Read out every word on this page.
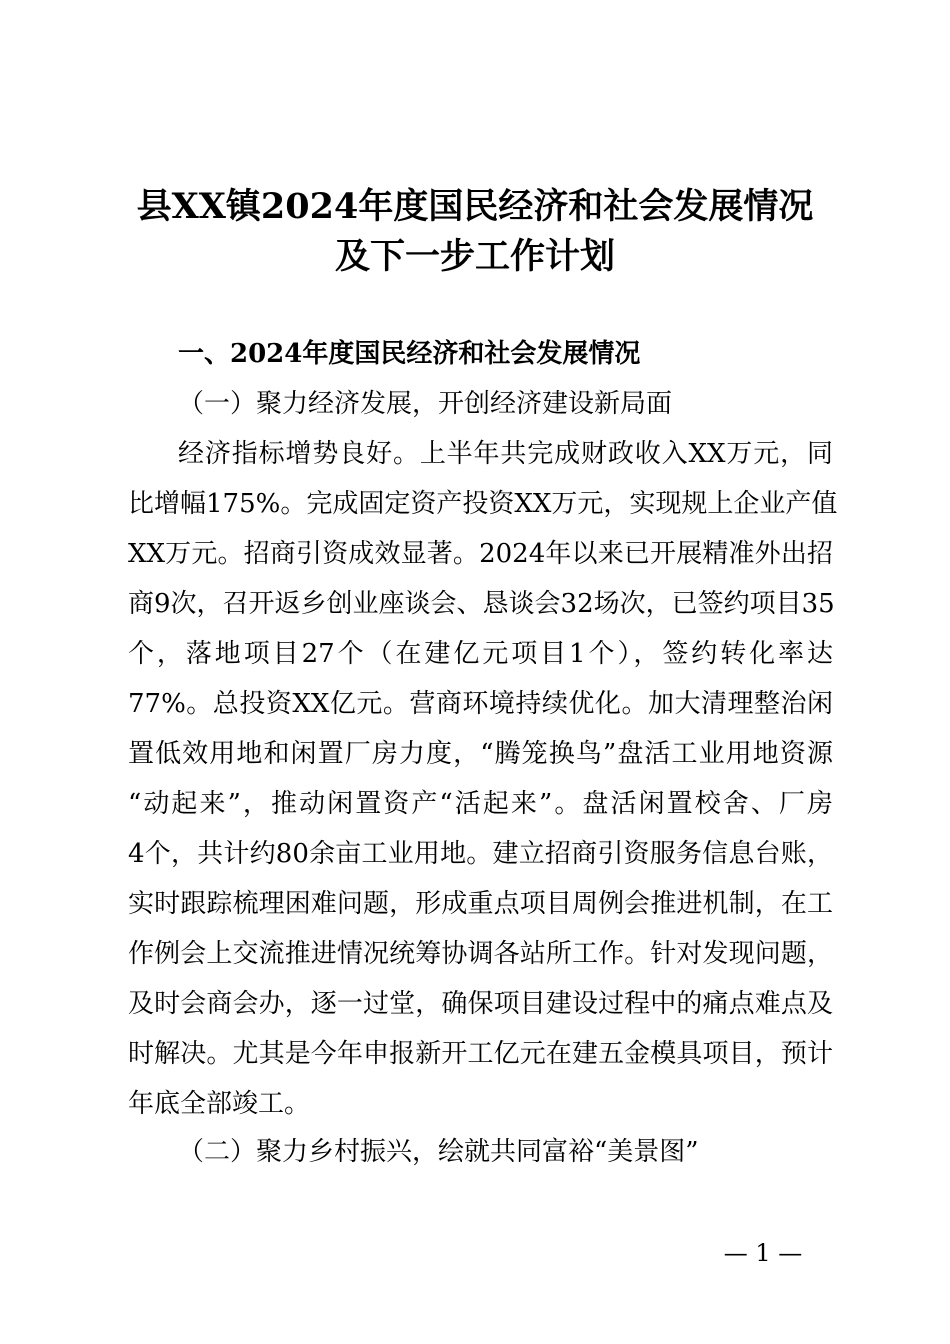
县XX镇2024年度国民经济和社会发展情况
及下一步工作计划
一、2024年度国民经济和社会发展情况
（一）聚力经济发展，开创经济建设新局面
经济指标增势良好。上半年共完成财政收入XX万元，同
比增幅175%。完成固定资产投资XX万元，实现规上企业产值
XX万元。招商引资成效显著。2024年以来已开展精准外出招
商9次，召开返乡创业座谈会、恳谈会32场次，已签约项目35
个，落地项目27个（在建亿元项目1个），签约转化率达
77%。总投资XX亿元。营商环境持续优化。加大清理整治闲
置低效用地和闲置厂房力度，“腾笼换鸟”盘活工业用地资源
“动起来”，推动闲置资产“活起来”。盘活闲置校舍、厂房
4个，共计约80余亩工业用地。建立招商引资服务信息台账，
实时跟踪梳理困难问题，形成重点项目周例会推进机制，在工
作例会上交流推进情况统筹协调各站所工作。针对发现问题，
及时会商会办，逐一过堂，确保项目建设过程中的痛点难点及
时解决。尤其是今年申报新开工亿元在建五金模具项目，预计
年底全部竣工。
（二）聚力乡村振兴，绘就共同富裕“美景图”
— 1 —
